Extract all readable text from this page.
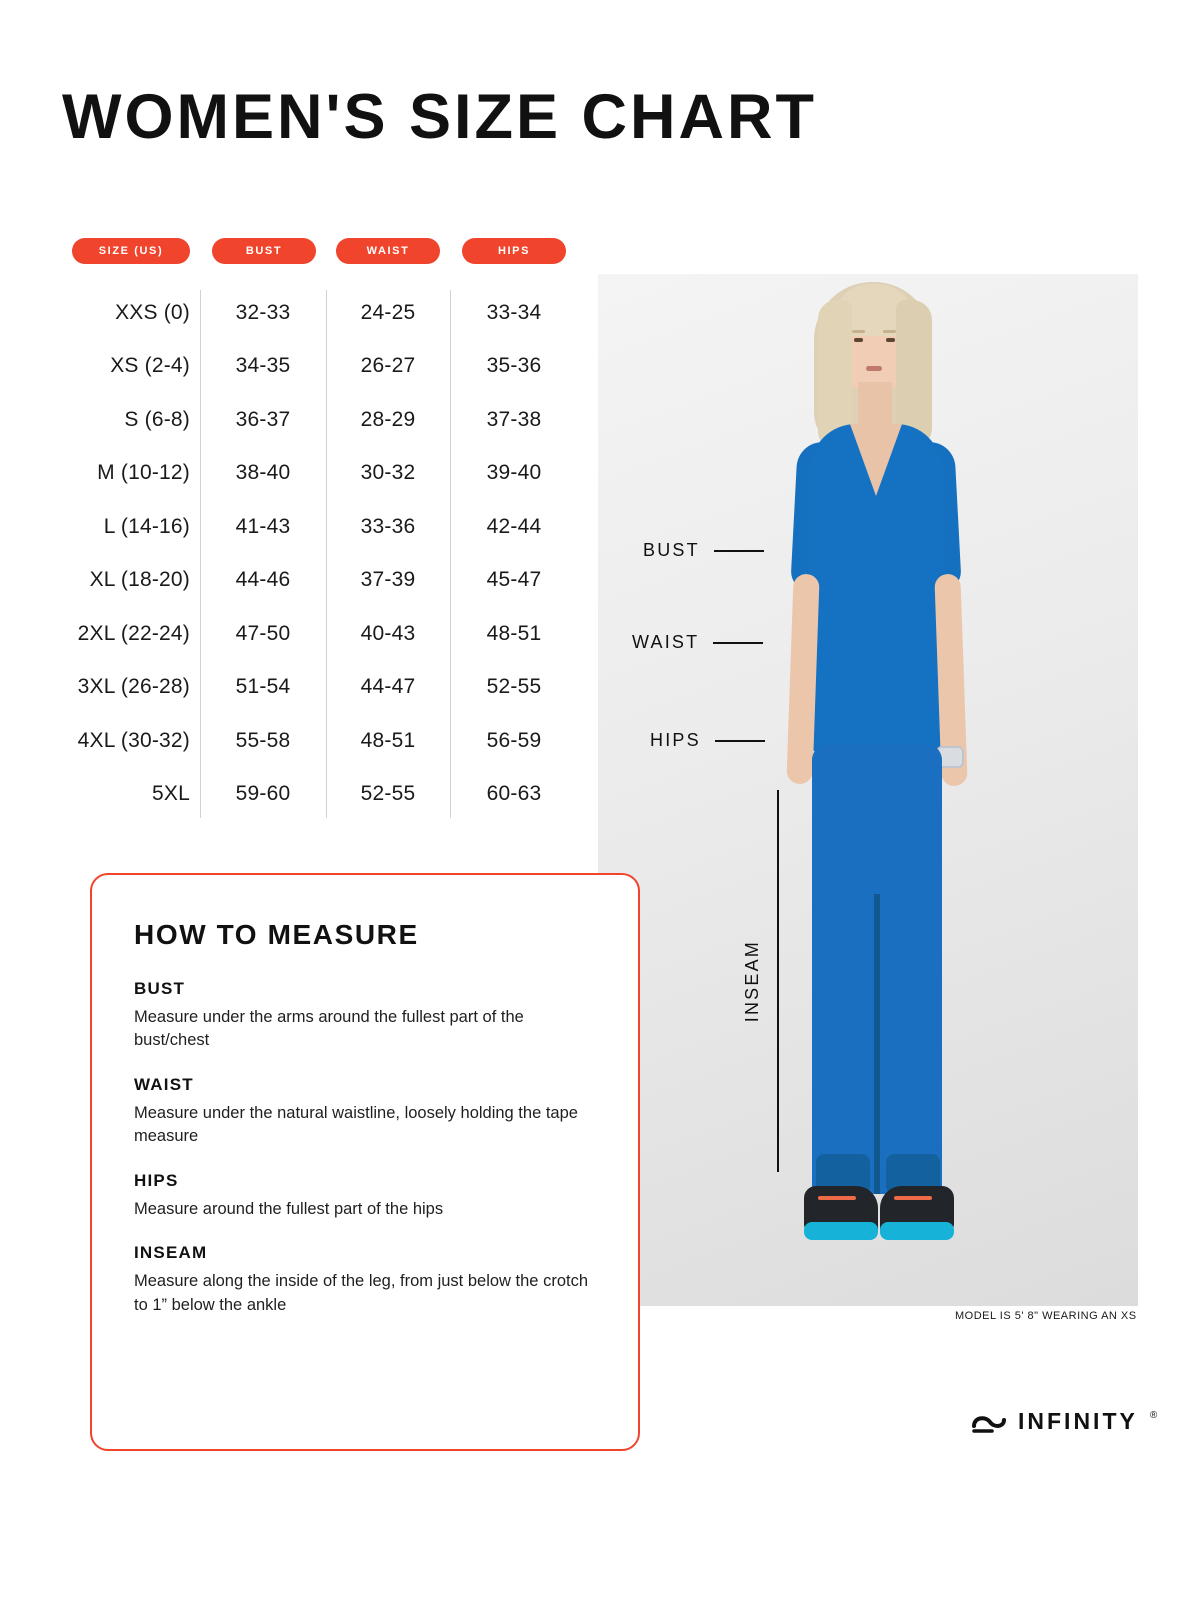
WOMEN'S SIZE CHART
SIZE (US)	BUST	WAIST	HIPS
XXS (0)	32-33	24-25	33-34
XS (2-4)	34-35	26-27	35-36
S (6-8)	36-37	28-29	37-38
M (10-12)	38-40	30-32	39-40
L (14-16)	41-43	33-36	42-44
XL (18-20)	44-46	37-39	45-47
2XL (22-24)	47-50	40-43	48-51
3XL (26-28)	51-54	44-47	52-55
4XL (30-32)	55-58	48-51	56-59
5XL	59-60	52-55	60-63
BUST
WAIST
HIPS
INSEAM
MODEL IS 5' 8" WEARING AN XS
HOW TO MEASURE
BUST
Measure under the arms around the fullest part of the bust/chest
WAIST
Measure under the natural waistline, loosely holding the tape measure
HIPS
Measure around the fullest part of the hips
INSEAM
Measure along the inside of the leg, from just below the crotch to 1” below the ankle
INFINITY ®
